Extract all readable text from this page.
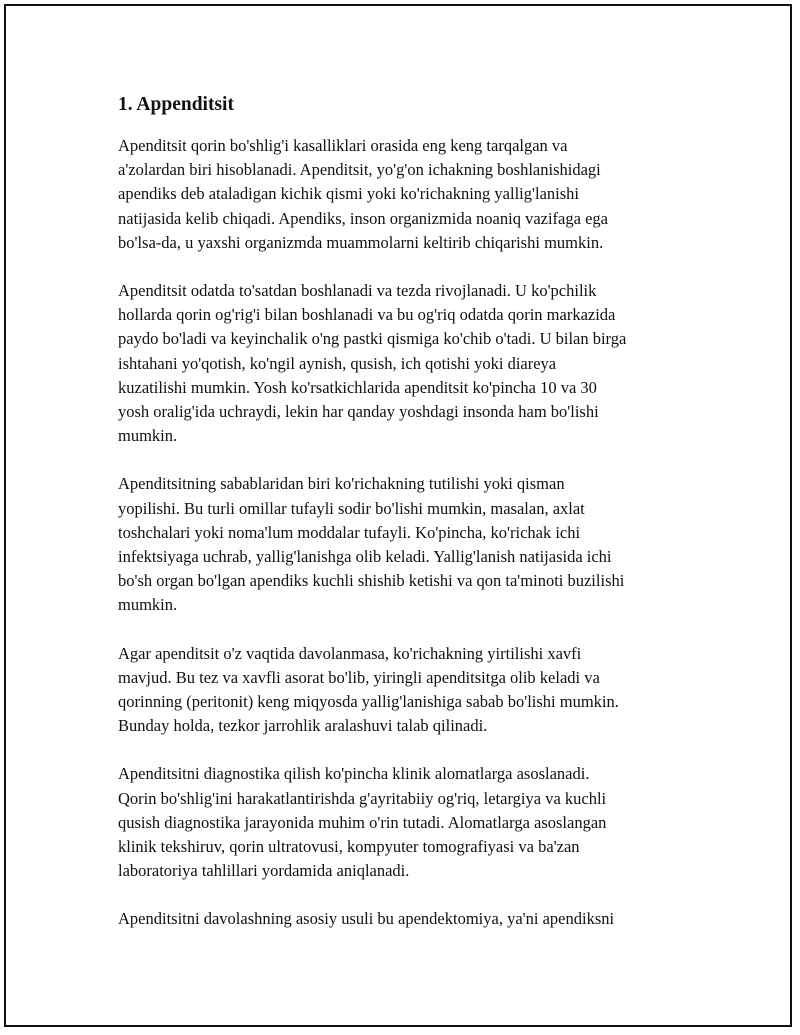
1. Appenditsit

Apenditsit qorin bo'shlig'i kasalliklari orasida eng keng tarqalgan va
a'zolardan biri hisoblanadi. Apenditsit, yo'g'on ichakning boshlanishidagi
apendiks deb ataladigan kichik qismi yoki ko'richakning yallig'lanishi
natijasida kelib chiqadi. Apendiks, inson organizmida noaniq vazifaga ega
bo'lsa-da, u yaxshi organizmda muammolarni keltirib chiqarishi mumkin.

Apenditsit odatda to'satdan boshlanadi va tezda rivojlanadi. U ko'pchilik
hollarda qorin og'rig'i bilan boshlanadi va bu og'riq odatda qorin markazida
paydo bo'ladi va keyinchalik o'ng pastki qismiga ko'chib o'tadi. U bilan birga
ishtahani yo'qotish, ko'ngil aynish, qusish, ich qotishi yoki diareya
kuzatilishi mumkin. Yosh ko'rsatkichlarida apenditsit ko'pincha 10 va 30
yosh oralig'ida uchraydi, lekin har qanday yoshdagi insonda ham bo'lishi
mumkin.

Apenditsitning sabablaridan biri ko'richakning tutilishi yoki qisman
yopilishi. Bu turli omillar tufayli sodir bo'lishi mumkin, masalan, axlat
toshchalari yoki noma'lum moddalar tufayli. Ko'pincha, ko'richak ichi
infektsiyaga uchrab, yallig'lanishga olib keladi. Yallig'lanish natijasida ichi
bo'sh organ bo'lgan apendiks kuchli shishib ketishi va qon ta'minoti buzilishi
mumkin.

Agar apenditsit o'z vaqtida davolanmasa, ko'richakning yirtilishi xavfi
mavjud. Bu tez va xavfli asorat bo'lib, yiringli apenditsitga olib keladi va
qorinning (peritonit) keng miqyosda yallig'lanishiga sabab bo'lishi mumkin.
Bunday holda, tezkor jarrohlik aralashuvi talab qilinadi.

Apenditsitni diagnostika qilish ko'pincha klinik alomatlarga asoslanadi.
Qorin bo'shlig'ini harakatlantirishda g'ayritabiiy og'riq, letargiya va kuchli
qusish diagnostika jarayonida muhim o'rin tutadi. Alomatlarga asoslangan
klinik tekshiruv, qorin ultratovusi, kompyuter tomografiyasi va ba'zan
laboratoriya tahlillari yordamida aniqlanadi.

Apenditsitni davolashning asosiy usuli bu apendektomiya, ya'ni apendiksni
